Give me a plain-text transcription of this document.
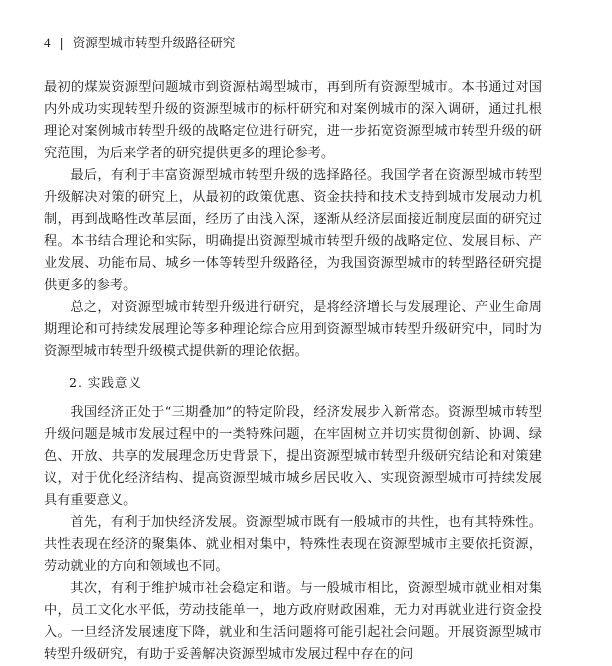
4 | 资源型城市转型升级路径研究

最初的煤炭资源型问题城市到资源枯竭型城市，再到所有资源型城市。本书通过对国内外成功实现转型升级的资源型城市的标杆研究和对案例城市的深入调研，通过扎根理论对案例城市转型升级的战略定位进行研究，进一步拓宽资源型城市转型升级的研究范围，为后来学者的研究提供更多的理论参考。

最后，有利于丰富资源型城市转型升级的选择路径。我国学者在资源型城市转型升级解决对策的研究上，从最初的政策优惠、资金扶持和技术支持到城市发展动力机制，再到战略性改革层面，经历了由浅入深，逐渐从经济层面接近制度层面的研究过程。本书结合理论和实际，明确提出资源型城市转型升级的战略定位、发展目标、产业发展、功能布局、城乡一体等转型升级路径，为我国资源型城市的转型路径研究提供更多的参考。

总之，对资源型城市转型升级进行研究，是将经济增长与发展理论、产业生命周期理论和可持续发展理论等多种理论综合应用到资源型城市转型升级研究中，同时为资源型城市转型升级模式提供新的理论依据。

2. 实践意义

我国经济正处于“三期叠加”的特定阶段，经济发展步入新常态。资源型城市转型升级问题是城市发展过程中的一类特殊问题，在牢固树立并切实贯彻创新、协调、绿色、开放、共享的发展理念历史背景下，提出资源型城市转型升级研究结论和对策建议，对于优化经济结构、提高资源型城市城乡居民收入、实现资源型城市可持续发展具有重要意义。

首先，有利于加快经济发展。资源型城市既有一般城市的共性，也有其特殊性。共性表现在经济的聚集体、就业相对集中，特殊性表现在资源型城市主要依托资源，劳动就业的方向和领域也不同。

其次，有利于维护城市社会稳定和谐。与一般城市相比，资源型城市就业相对集中，员工文化水平低，劳动技能单一，地方政府财政困难，无力对再就业进行资金投入。一旦经济发展速度下降，就业和生活问题将可能引起社会问题。开展资源型城市转型升级研究，有助于妥善解决资源型城市发展过程中存在的问
